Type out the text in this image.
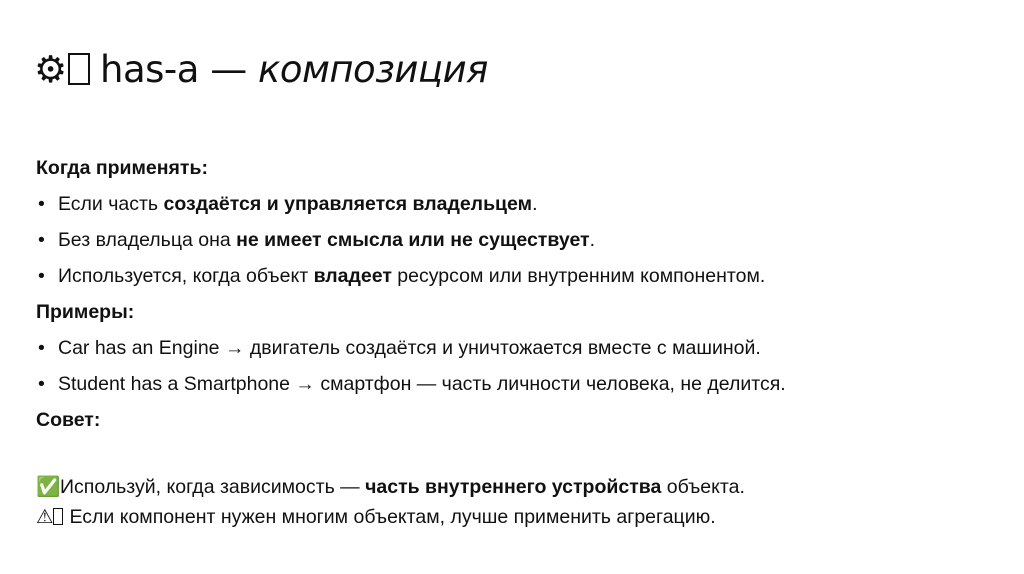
⚙ has-a — композиция
Когда применять:
• Если часть создаётся и управляется владельцем.
• Без владельца она не имеет смысла или не существует.
• Используется, когда объект владеет ресурсом или внутренним компонентом.
Примеры:
• Car has an Engine → двигатель создаётся и уничтожается вместе с машиной.
• Student has a Smartphone → смартфон — часть личности человека, не делится.
Совет:
✅Используй, когда зависимость — часть внутреннего устройства объекта.
⚠ Если компонент нужен многим объектам, лучше применить агрегацию.
